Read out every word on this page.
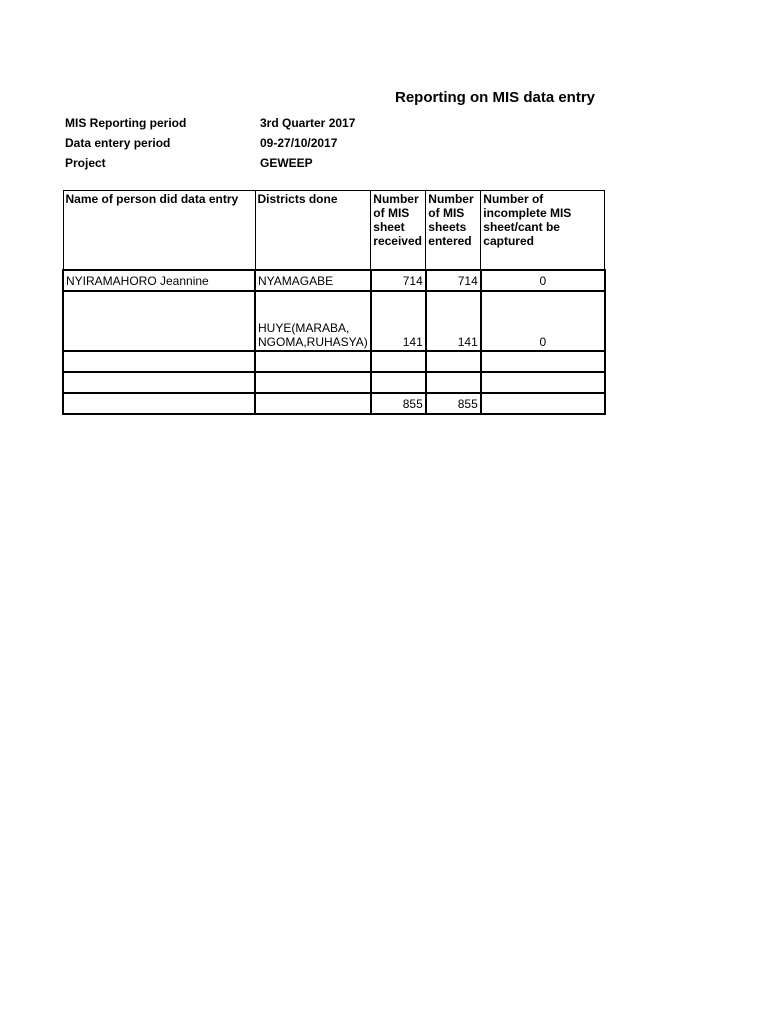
Reporting on MIS data entry
MIS Reporting period	3rd Quarter 2017
Data entery period	09-27/10/2017
Project	GEWEEP
Name of person did data entry	Districts done	Number of MIS sheet received	Number of MIS sheets entered	Number of incomplete MIS sheet/cant be captured
NYIRAMAHORO Jeannine	NYAMAGABE	714	714	0
	HUYE(MARABA, NGOMA,RUHASYA)	141	141	0

		855	855	
